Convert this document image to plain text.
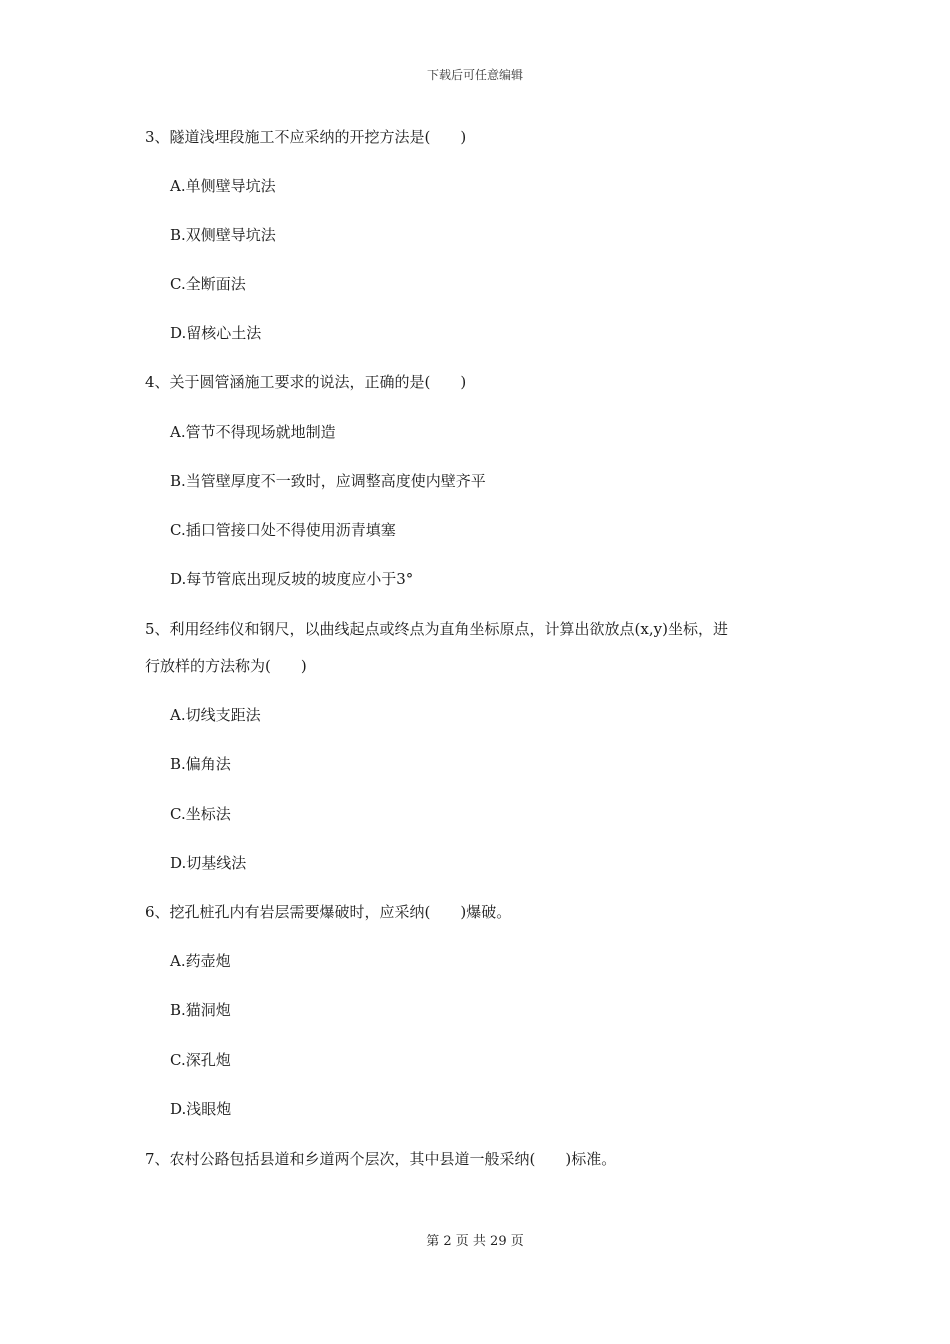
下载后可任意编辑
3、隧道浅埋段施工不应采纳的开挖方法是(　　)
A.单侧壁导坑法
B.双侧壁导坑法
C.全断面法
D.留核心土法
4、关于圆管涵施工要求的说法，正确的是(　　)
A.管节不得现场就地制造
B.当管壁厚度不一致时，应调整高度使内壁齐平
C.插口管接口处不得使用沥青填塞
D.每节管底出现反坡的坡度应小于3°
5、利用经纬仪和钢尺，以曲线起点或终点为直角坐标原点，计算出欲放点(x,y)坐标，进
行放样的方法称为(　　)
A.切线支距法
B.偏角法
C.坐标法
D.切基线法
6、挖孔桩孔内有岩层需要爆破时，应采纳(　　)爆破。
A.药壶炮
B.猫洞炮
C.深孔炮
D.浅眼炮
7、农村公路包括县道和乡道两个层次，其中县道一般采纳(　　)标准。
第 2 页 共 29 页
